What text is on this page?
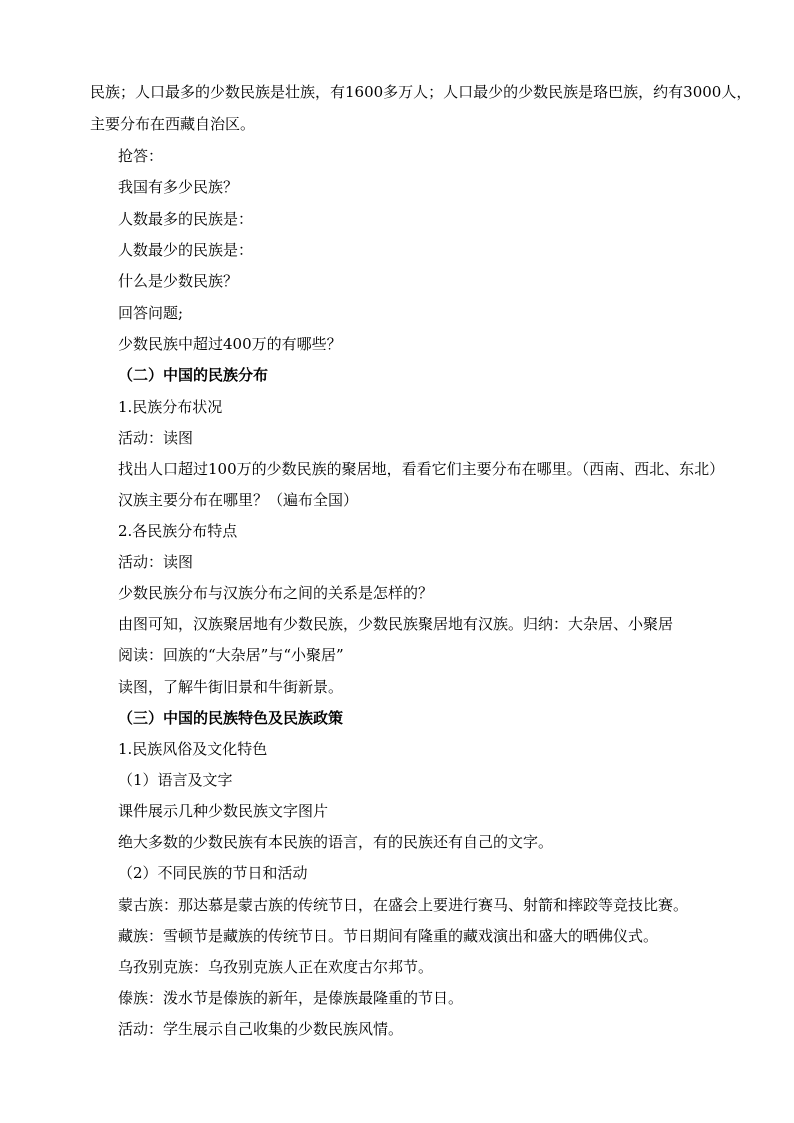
民族；人口最多的少数民族是壮族，有1600多万人；人口最少的少数民族是珞巴族，约有3000人，
主要分布在西藏自治区。
抢答：
我国有多少民族？
人数最多的民族是：
人数最少的民族是：
什么是少数民族？
回答问题;
少数民族中超过400万的有哪些？
（二）中国的民族分布
1.民族分布状况
活动：读图
找出人口超过100万的少数民族的聚居地，看看它们主要分布在哪里。（西南、西北、东北）
汉族主要分布在哪里？（遍布全国）
2.各民族分布特点
活动：读图
少数民族分布与汉族分布之间的关系是怎样的？
由图可知，汉族聚居地有少数民族，少数民族聚居地有汉族。归纳：大杂居、小聚居
阅读：回族的“大杂居”与“小聚居”
读图，了解牛街旧景和牛街新景。
（三）中国的民族特色及民族政策
1.民族风俗及文化特色
（1）语言及文字
课件展示几种少数民族文字图片
绝大多数的少数民族有本民族的语言，有的民族还有自己的文字。
（2）不同民族的节日和活动
蒙古族：那达慕是蒙古族的传统节日，在盛会上要进行赛马、射箭和摔跤等竞技比赛。
藏族：雪顿节是藏族的传统节日。节日期间有隆重的藏戏演出和盛大的晒佛仪式。
乌孜别克族：乌孜别克族人正在欢度古尔邦节。
傣族：泼水节是傣族的新年，是傣族最隆重的节日。
活动：学生展示自己收集的少数民族风情。
